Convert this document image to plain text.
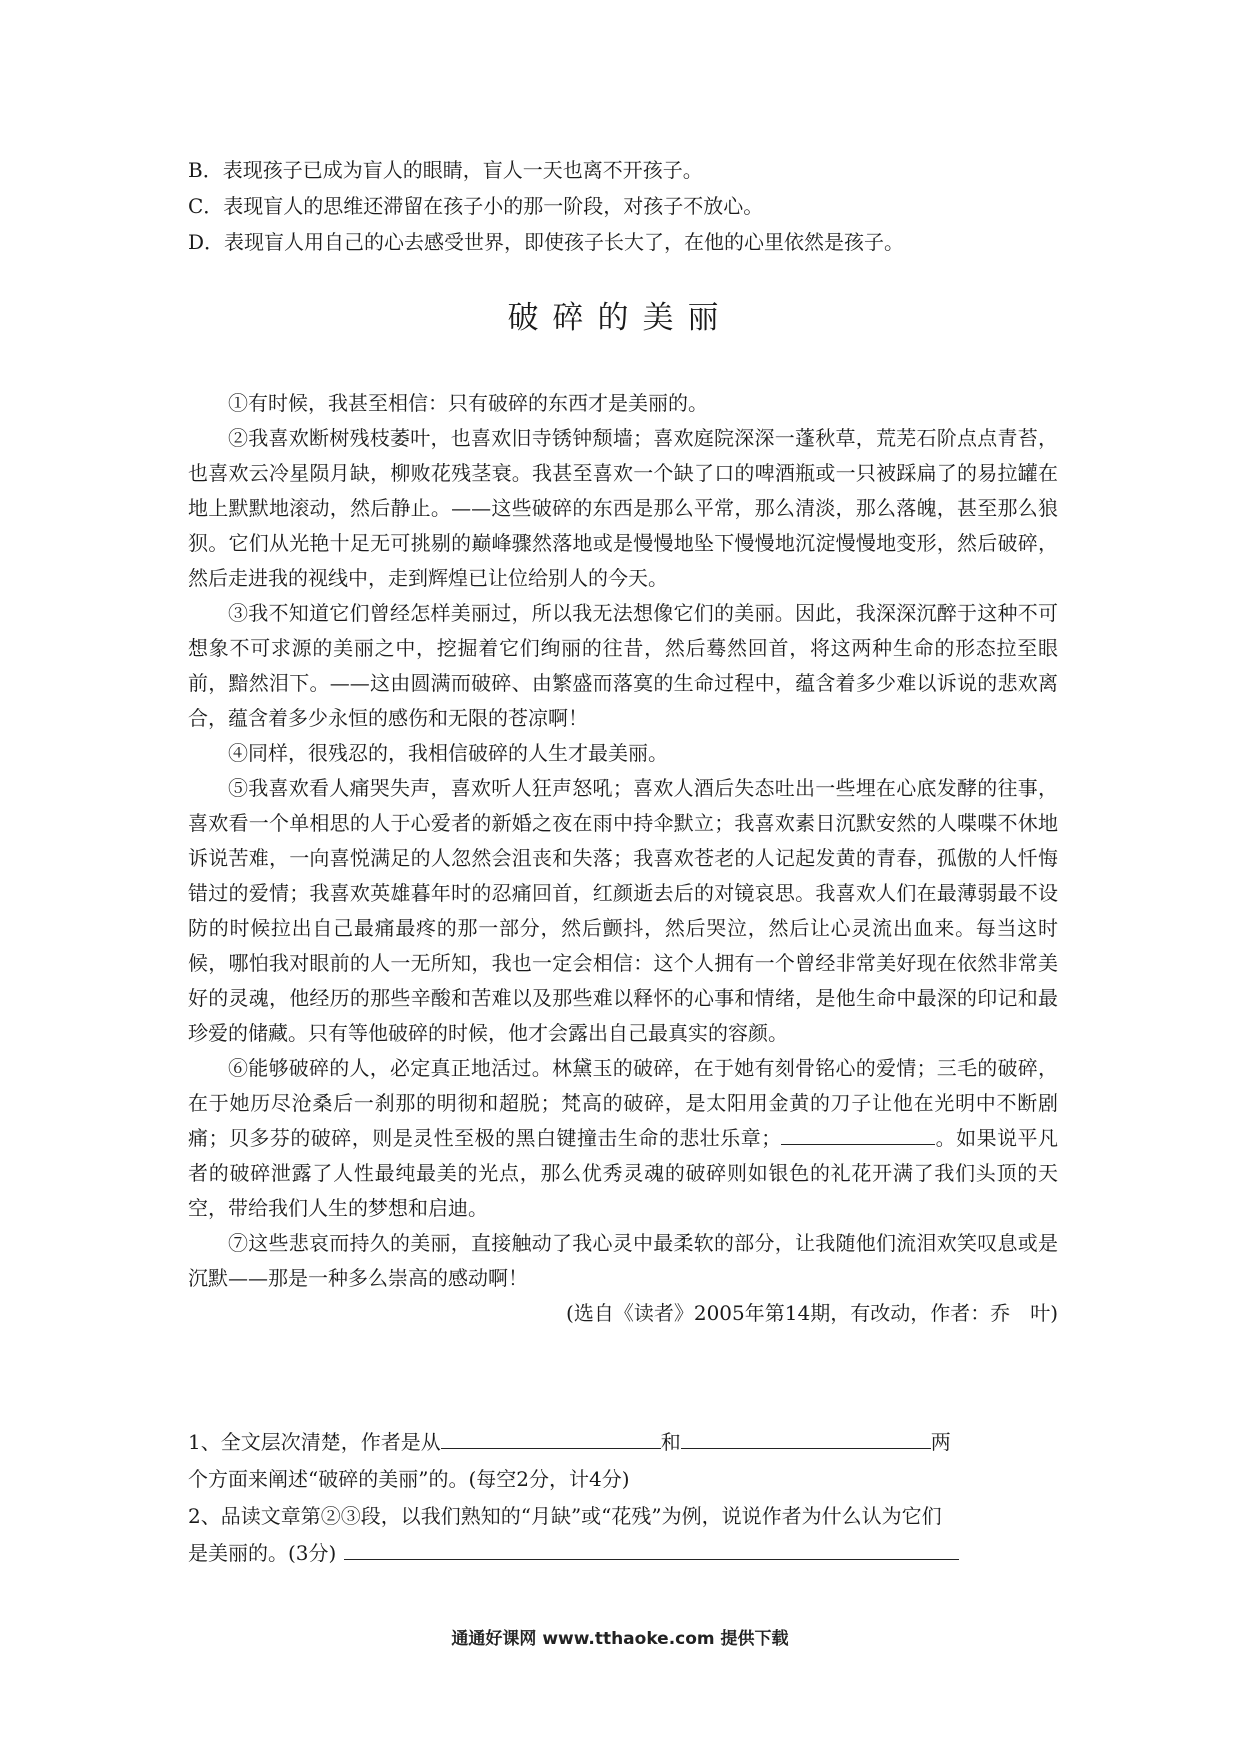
B．表现孩子已成为盲人的眼睛，盲人一天也离不开孩子。
C．表现盲人的思维还滞留在孩子小的那一阶段，对孩子不放心。
D．表现盲人用自己的心去感受世界，即使孩子长大了，在他的心里依然是孩子。
破碎的美丽

①有时候，我甚至相信：只有破碎的东西才是美丽的。

②我喜欢断树残枝萎叶，也喜欢旧寺锈钟颓墙；喜欢庭院深深一蓬秋草，荒芜石阶点点青苔，也喜欢云冷星陨月缺，柳败花残茎衰。我甚至喜欢一个缺了口的啤酒瓶或一只被踩扁了的易拉罐在地上默默地滚动，然后静止。——这些破碎的东西是那么平常，那么清淡，那么落魄，甚至那么狼狈。它们从光艳十足无可挑剔的巅峰骤然落地或是慢慢地坠下慢慢地沉淀慢慢地变形，然后破碎，然后走进我的视线中，走到辉煌已让位给别人的今天。

③我不知道它们曾经怎样美丽过，所以我无法想像它们的美丽。因此，我深深沉醉于这种不可想象不可求源的美丽之中，挖掘着它们绚丽的往昔，然后蓦然回首，将这两种生命的形态拉至眼前，黯然泪下。——这由圆满而破碎、由繁盛而落寞的生命过程中，蕴含着多少难以诉说的悲欢离合，蕴含着多少永恒的感伤和无限的苍凉啊！

④同样，很残忍的，我相信破碎的人生才最美丽。

⑤我喜欢看人痛哭失声，喜欢听人狂声怒吼；喜欢人酒后失态吐出一些埋在心底发酵的往事，喜欢看一个单相思的人于心爱者的新婚之夜在雨中持伞默立；我喜欢素日沉默安然的人喋喋不休地诉说苦难，一向喜悦满足的人忽然会沮丧和失落；我喜欢苍老的人记起发黄的青春，孤傲的人忏悔错过的爱情；我喜欢英雄暮年时的忍痛回首，红颜逝去后的对镜哀思。我喜欢人们在最薄弱最不设防的时候拉出自己最痛最疼的那一部分，然后颤抖，然后哭泣，然后让心灵流出血来。每当这时候，哪怕我对眼前的人一无所知，我也一定会相信：这个人拥有一个曾经非常美好现在依然非常美好的灵魂，他经历的那些辛酸和苦难以及那些难以释怀的心事和情绪，是他生命中最深的印记和最珍爱的储藏。只有等他破碎的时候，他才会露出自己最真实的容颜。

⑥能够破碎的人，必定真正地活过。林黛玉的破碎，在于她有刻骨铭心的爱情；三毛的破碎，在于她历尽沧桑后一刹那的明彻和超脱；梵高的破碎，是太阳用金黄的刀子让他在光明中不断剧痛；贝多芬的破碎，则是灵性至极的黑白键撞击生命的悲壮乐章；	。如果说平凡者的破碎泄露了人性最纯最美的光点，那么优秀灵魂的破碎则如银色的礼花开满了我们头顶的天空，带给我们人生的梦想和启迪。

⑦这些悲哀而持久的美丽，直接触动了我心灵中最柔软的部分，让我随他们流泪欢笑叹息或是沉默——那是一种多么崇高的感动啊！

(选自《读者》2005年第14期，有改动，作者：乔　叶)

1、全文层次清楚，作者是从	和	两

个方面来阐述“破碎的美丽”的。(每空2分，计4分)

2、品读文章第②③段，以我们熟知的“月缺”或“花残”为例，说说作者为什么认为它们

是美丽的。(3分)

通通好课网 www.tthaoke.com 提供下载
